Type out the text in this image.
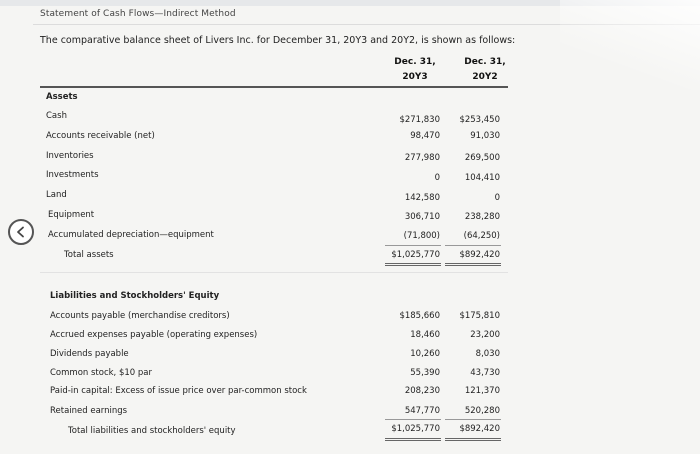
Statement of Cash Flows—Indirect Method
The comparative balance sheet of Livers Inc. for December 31, 20Y3 and 20Y2, is shown as follows:
Dec. 31,
20Y3
Dec. 31,
20Y2
Assets
Cash	$271,830	$253,450
Accounts receivable (net)	98,470	91,030
Inventories	277,980	269,500
Investments	0	104,410
Land	142,580	0
Equipment	306,710	238,280
Accumulated depreciation—equipment	(71,800)	(64,250)
Total assets	$1,025,770	$892,420
Liabilities and Stockholders' Equity
Accounts payable (merchandise creditors)	$185,660	$175,810
Accrued expenses payable (operating expenses)	18,460	23,200
Dividends payable	10,260	8,030
Common stock, $10 par	55,390	43,730
Paid-in capital: Excess of issue price over par-common stock	208,230	121,370
Retained earnings	547,770	520,280
Total liabilities and stockholders' equity	$1,025,770	$892,420
